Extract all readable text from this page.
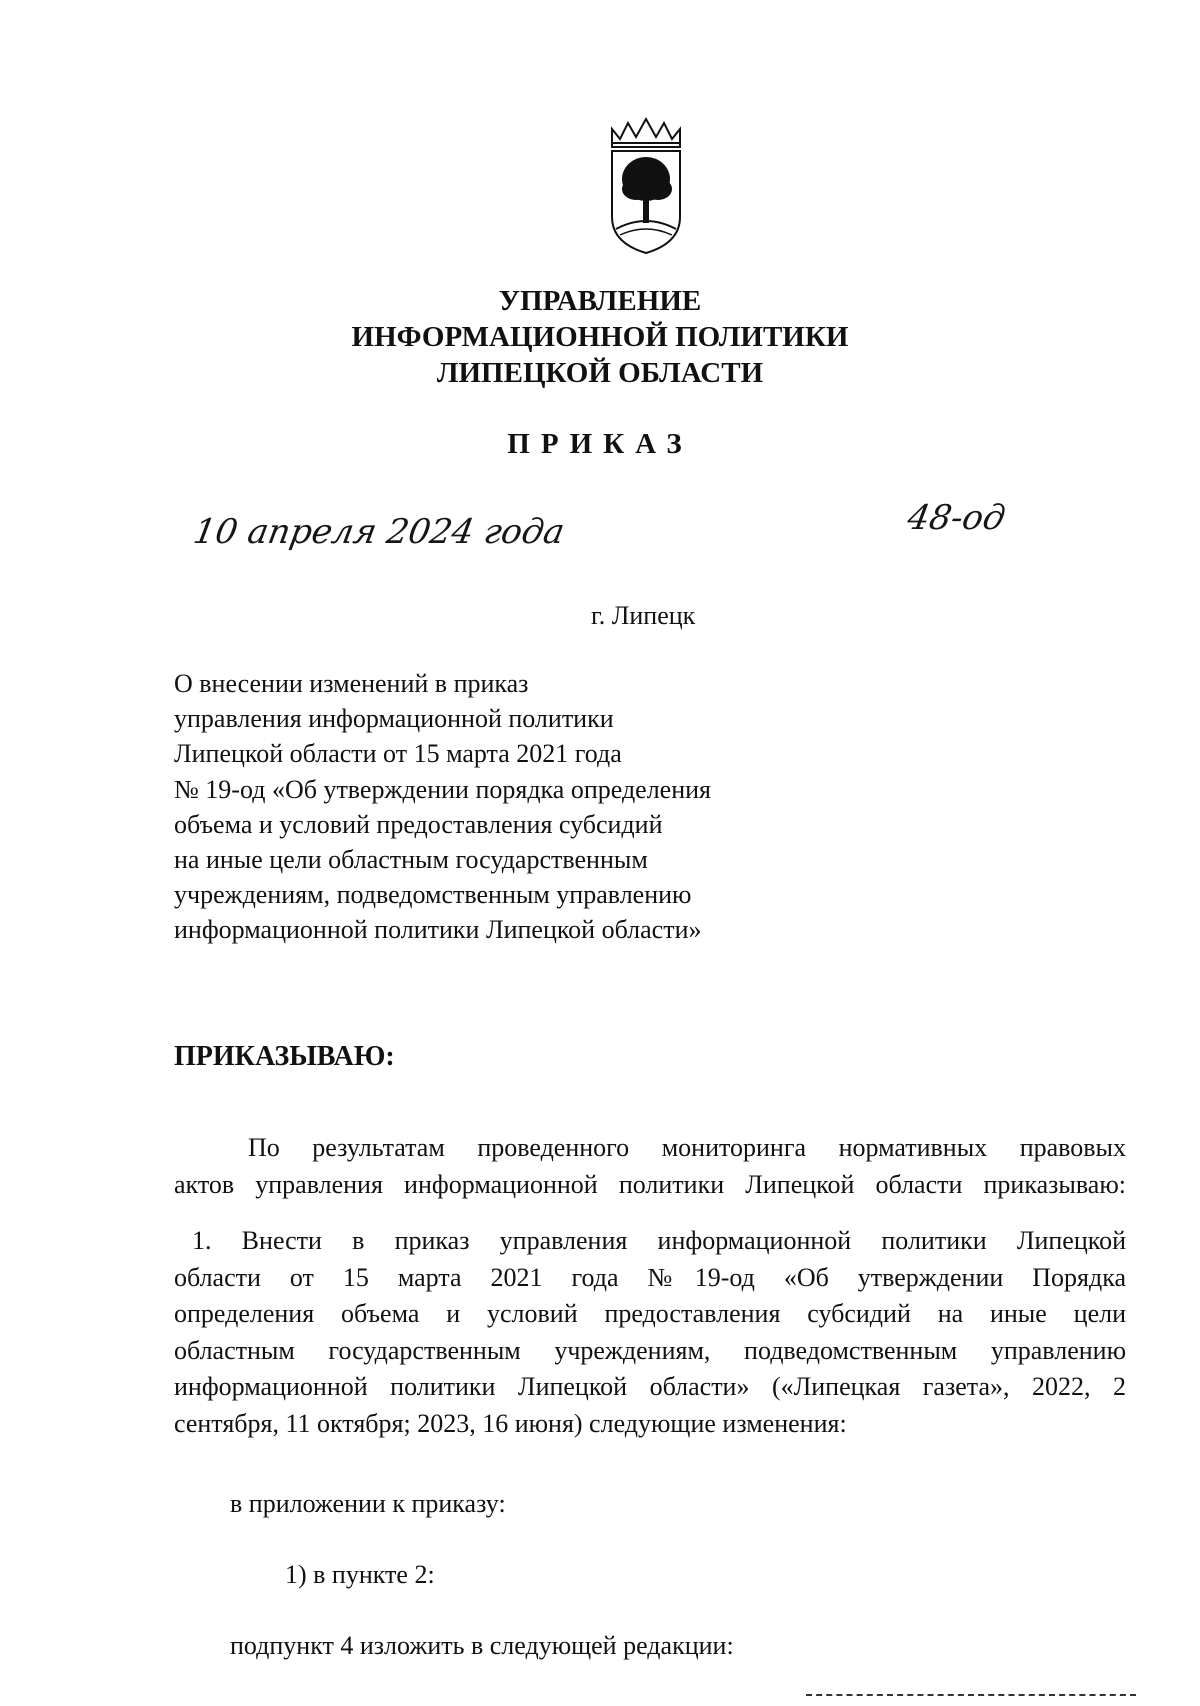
УПРАВЛЕНИЕ
ИНФОРМАЦИОННОЙ ПОЛИТИКИ
ЛИПЕЦКОЙ ОБЛАСТИ
ПРИКАЗ
10 апреля 2024 года	48-од
г. Липецк
О внесении изменений в приказ
управления информационной политики
Липецкой области от 15 марта 2021 года
№ 19-од «Об утверждении порядка определения
объема и условий предоставления субсидий
на иные цели областным государственным
учреждениям, подведомственным управлению
информационной политики Липецкой области»
ПРИКАЗЫВАЮ:
По результатам проведенного мониторинга нормативных правовых
актов управления информационной политики Липецкой области приказываю:
1. Внести в приказ управления информационной политики Липецкой
области от 15 марта 2021 года №19-од «Об утверждении Порядка
определения объема и условий предоставления субсидий на иные цели
областным государственным учреждениям, подведомственным управлению
информационной политики Липецкой области» («Липецкая газета», 2022, 2
сентября, 11 октября; 2023, 16 июня) следующие изменения:
в приложении к приказу:
1) в пункте 2:
подпункт 4 изложить в следующей редакции:
